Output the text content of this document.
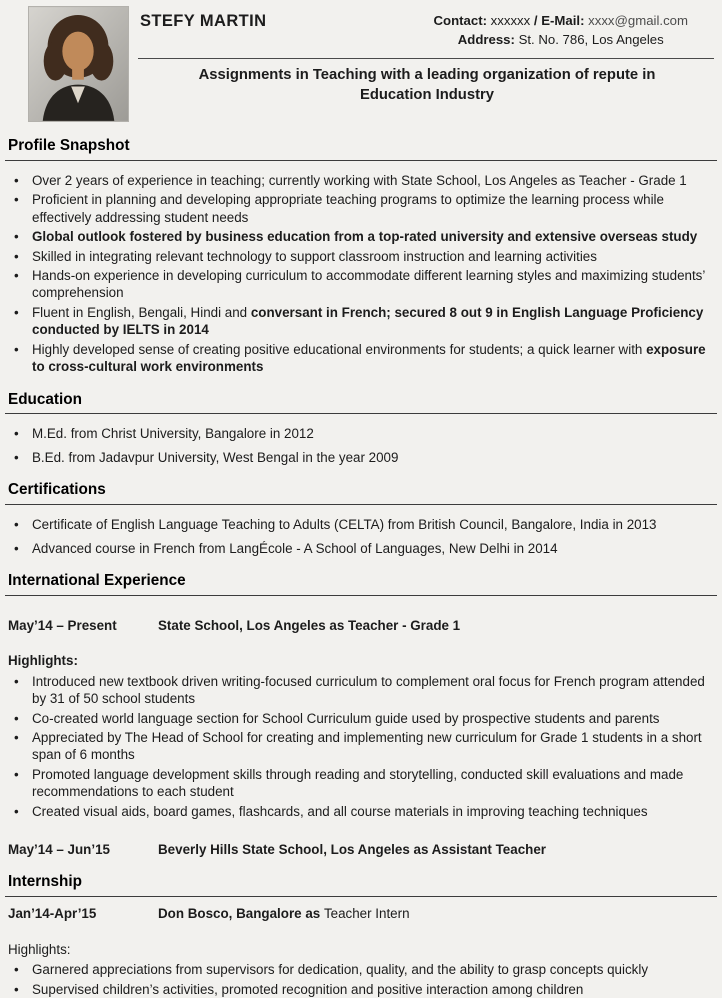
STEFY MARTIN	Contact: xxxxxx / E-Mail: xxxx@gmail.com
Address: St. No. 786, Los Angeles
Assignments in Teaching with a leading organization of repute in Education Industry
Profile Snapshot
• Over 2 years of experience in teaching; currently working with State School, Los Angeles as Teacher - Grade 1
• Proficient in planning and developing appropriate teaching programs to optimize the learning process while effectively addressing student needs
• Global outlook fostered by business education from a top-rated university and extensive overseas study
• Skilled in integrating relevant technology to support classroom instruction and learning activities
• Hands-on experience in developing curriculum to accommodate different learning styles and maximizing students’ comprehension
• Fluent in English, Bengali, Hindi and conversant in French; secured 8 out 9 in English Language Proficiency conducted by IELTS in 2014
• Highly developed sense of creating positive educational environments for students; a quick learner with exposure to cross-cultural work environments
Education
• M.Ed. from Christ University, Bangalore in 2012
• B.Ed. from Jadavpur University, West Bengal in the year 2009
Certifications
• Certificate of English Language Teaching to Adults (CELTA) from British Council, Bangalore, India in 2013
• Advanced course in French from LangÉcole - A School of Languages, New Delhi in 2014
International Experience
May’14 – Present	State School, Los Angeles as Teacher - Grade 1
Highlights:
• Introduced new textbook driven writing-focused curriculum to complement oral focus for French program attended by 31 of 50 school students
• Co-created world language section for School Curriculum guide used by prospective students and parents
• Appreciated by The Head of School for creating and implementing new curriculum for Grade 1 students in a short span of 6 months
• Promoted language development skills through reading and storytelling, conducted skill evaluations and made recommendations to each student
• Created visual aids, board games, flashcards, and all course materials in improving teaching techniques
May’14 – Jun’15	Beverly Hills State School, Los Angeles as Assistant Teacher
Internship
Jan’14-Apr’15	Don Bosco, Bangalore as Teacher Intern
Highlights:
• Garnered appreciations from supervisors for dedication, quality, and the ability to grasp concepts quickly
• Supervised children’s activities, promoted recognition and positive interaction among children
